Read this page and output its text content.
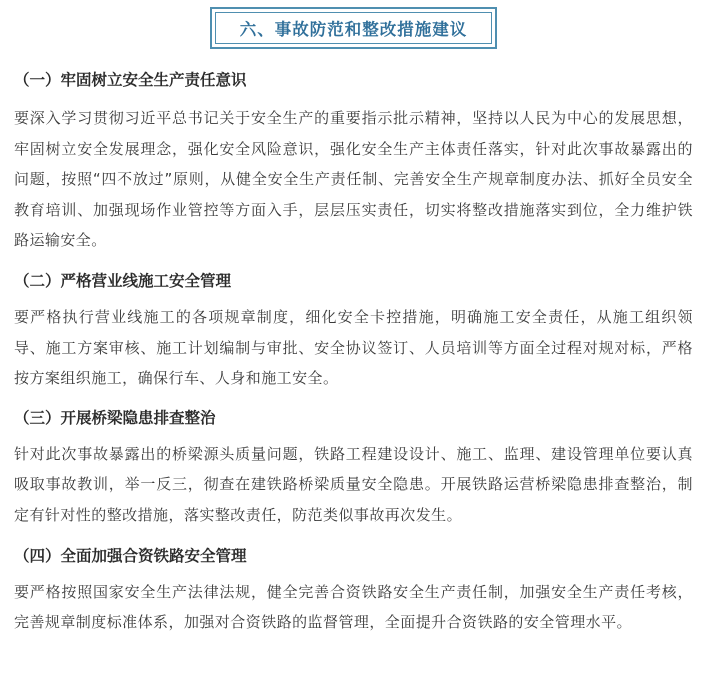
六、事故防范和整改措施建议
（一）牢固树立安全生产责任意识

要深入学习贯彻习近平总书记关于安全生产的重要指示批示精神，坚持以人民为中心的发展思想，牢固树立安全发展理念，强化安全风险意识，强化安全生产主体责任落实，针对此次事故暴露出的问题，按照“四不放过”原则，从健全安全生产责任制、完善安全生产规章制度办法、抓好全员安全教育培训、加强现场作业管控等方面入手，层层压实责任，切实将整改措施落实到位，全力维护铁路运输安全。

（二）严格营业线施工安全管理

要严格执行营业线施工的各项规章制度，细化安全卡控措施，明确施工安全责任，从施工组织领导、施工方案审核、施工计划编制与审批、安全协议签订、人员培训等方面全过程对规对标，严格按方案组织施工，确保行车、人身和施工安全。

（三）开展桥梁隐患排查整治

针对此次事故暴露出的桥梁源头质量问题，铁路工程建设设计、施工、监理、建设管理单位要认真吸取事故教训，举一反三，彻查在建铁路桥梁质量安全隐患。开展铁路运营桥梁隐患排查整治，制定有针对性的整改措施，落实整改责任，防范类似事故再次发生。

（四）全面加强合资铁路安全管理

要严格按照国家安全生产法律法规，健全完善合资铁路安全生产责任制，加强安全生产责任考核，完善规章制度标准体系，加强对合资铁路的监督管理，全面提升合资铁路的安全管理水平。
